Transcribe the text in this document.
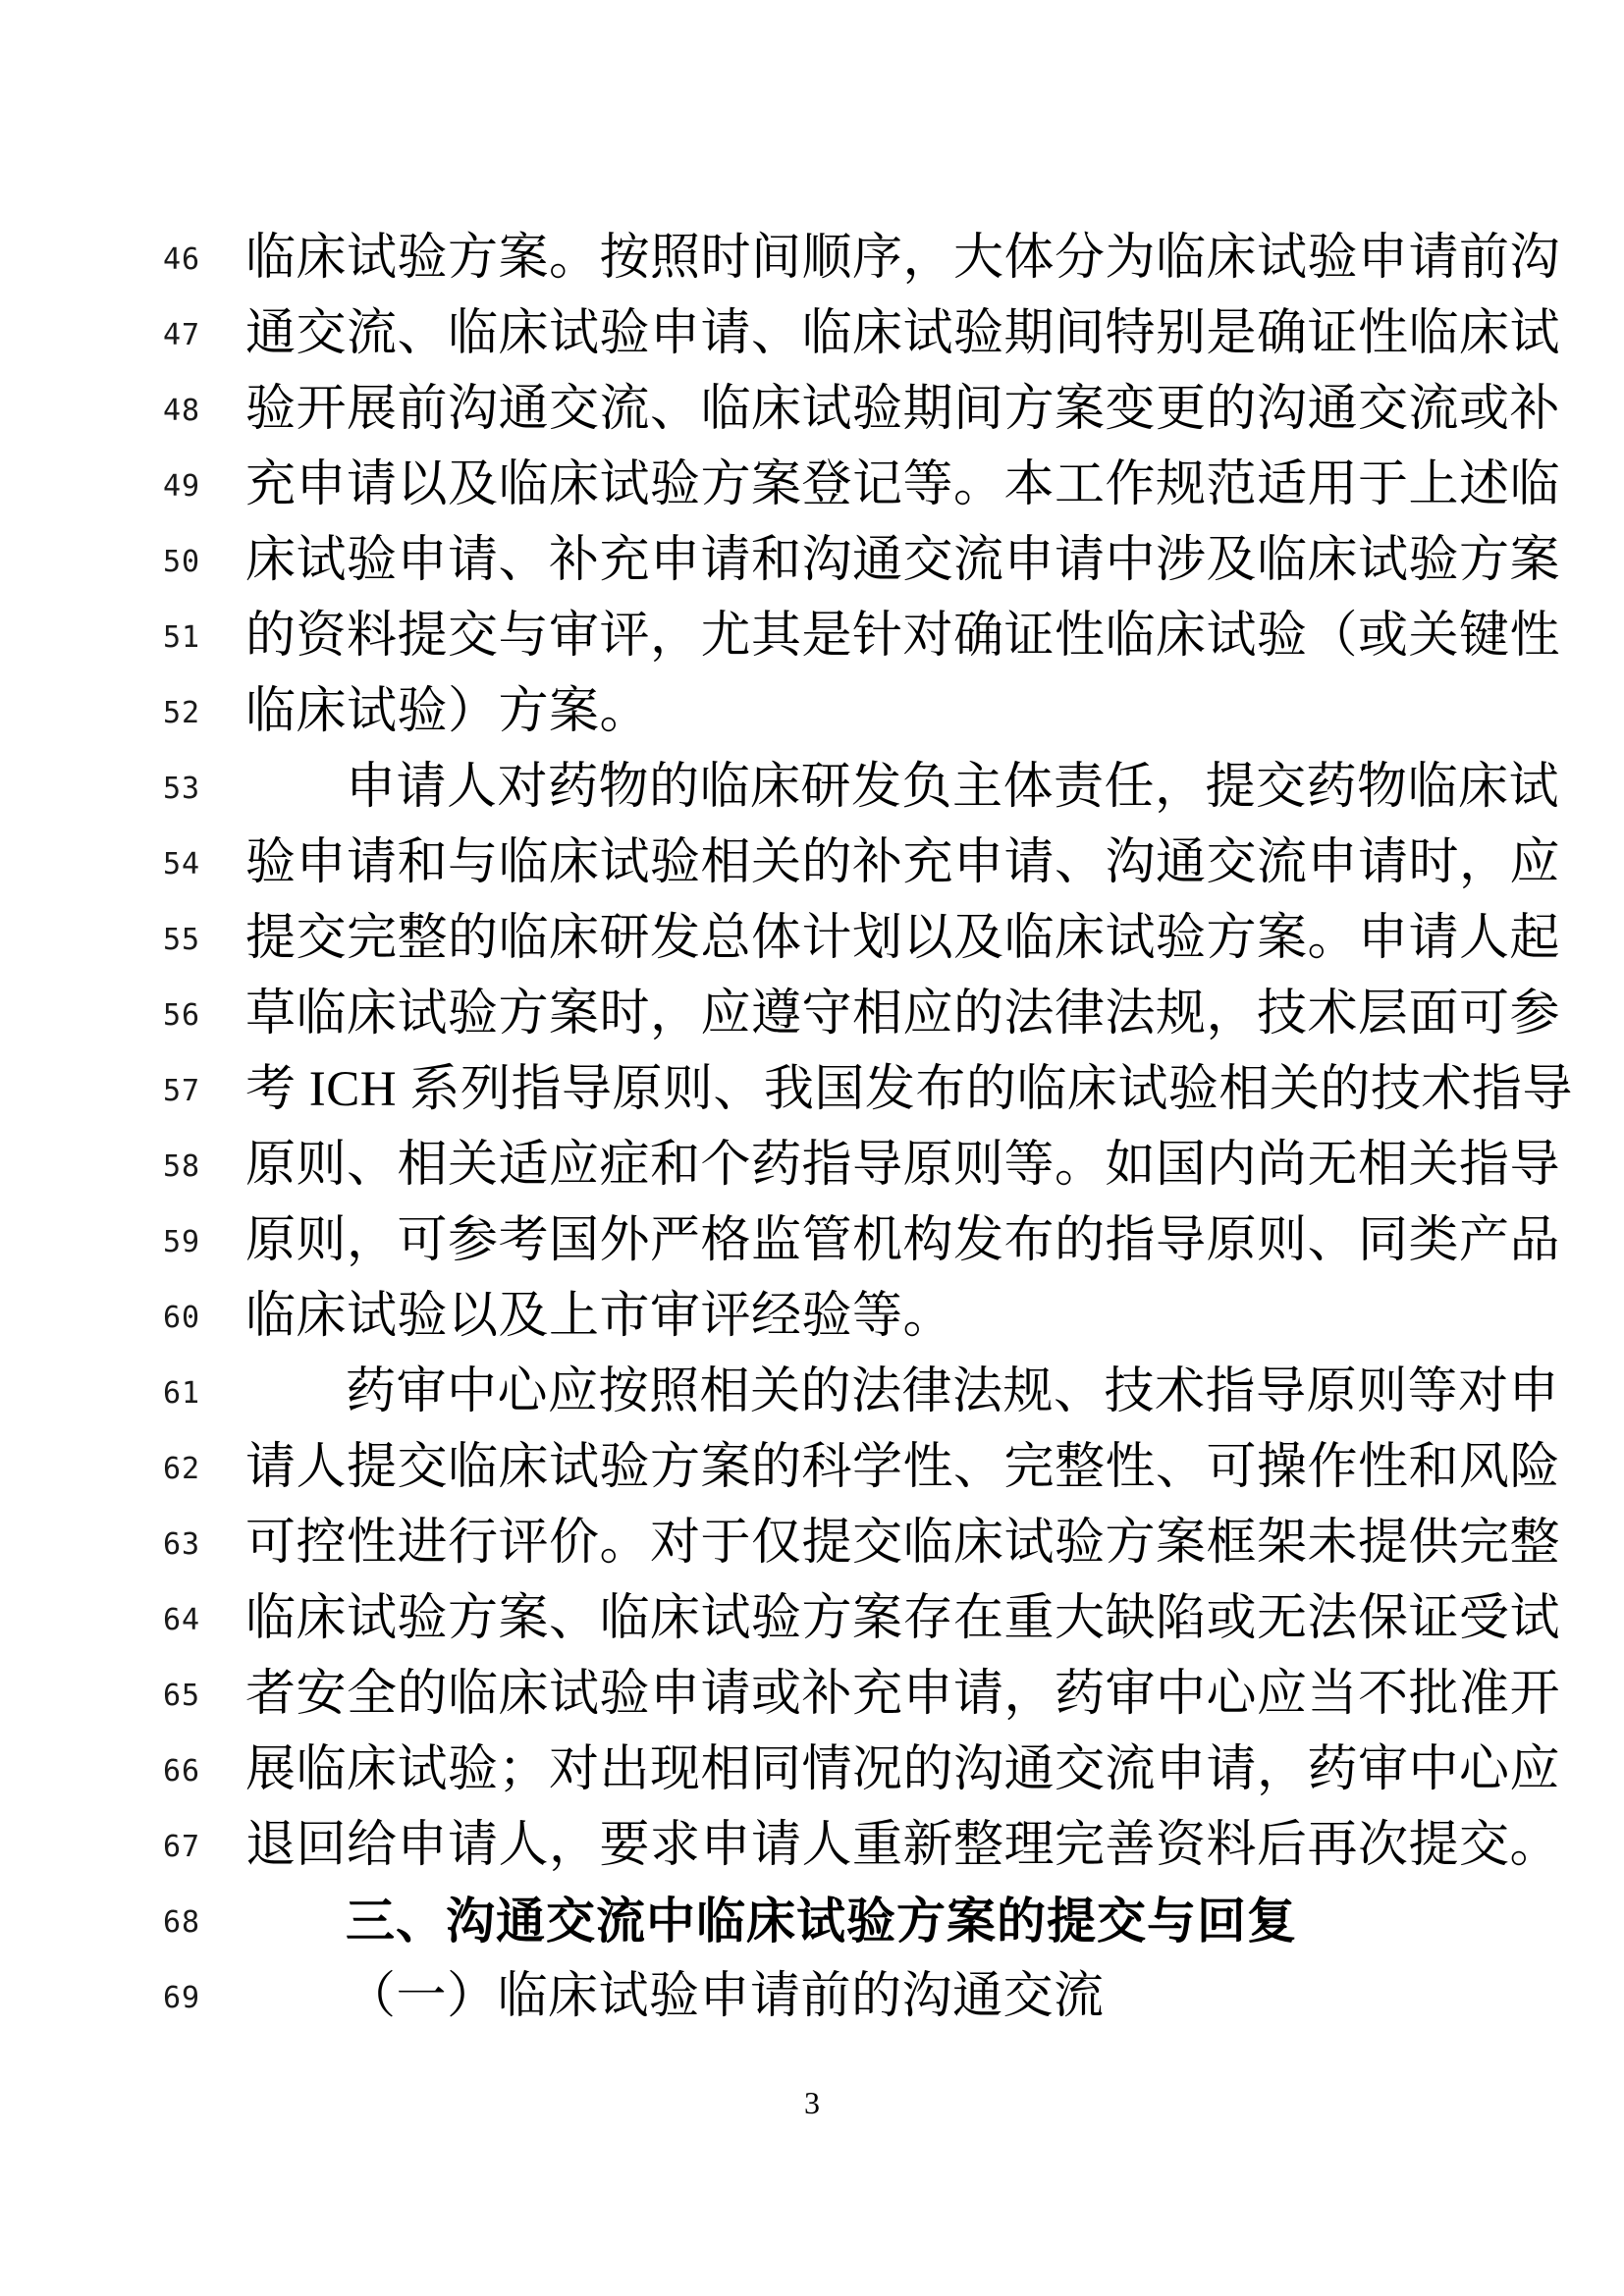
46 临床试验方案。按照时间顺序，大体分为临床试验申请前沟
47 通交流、临床试验申请、临床试验期间特别是确证性临床试
48 验开展前沟通交流、临床试验期间方案变更的沟通交流或补
49 充申请以及临床试验方案登记等。本工作规范适用于上述临
50 床试验申请、补充申请和沟通交流申请中涉及临床试验方案
51 的资料提交与审评，尤其是针对确证性临床试验（或关键性
52 临床试验）方案。
53	申请人对药物的临床研发负主体责任，提交药物临床试
54 验申请和与临床试验相关的补充申请、沟通交流申请时，应
55 提交完整的临床研发总体计划以及临床试验方案。申请人起
56 草临床试验方案时，应遵守相应的法律法规，技术层面可参
57 考 ICH 系列指导原则、我国发布的临床试验相关的技术指导
58 原则、相关适应症和个药指导原则等。如国内尚无相关指导
59 原则，可参考国外严格监管机构发布的指导原则、同类产品
60 临床试验以及上市审评经验等。
61	药审中心应按照相关的法律法规、技术指导原则等对申
62 请人提交临床试验方案的科学性、完整性、可操作性和风险
63 可控性进行评价。对于仅提交临床试验方案框架未提供完整
64 临床试验方案、临床试验方案存在重大缺陷或无法保证受试
65 者安全的临床试验申请或补充申请，药审中心应当不批准开
66 展临床试验；对出现相同情况的沟通交流申请，药审中心应
67 退回给申请人，要求申请人重新整理完善资料后再次提交。
68	三、沟通交流中临床试验方案的提交与回复
69	（一）临床试验申请前的沟通交流
3
